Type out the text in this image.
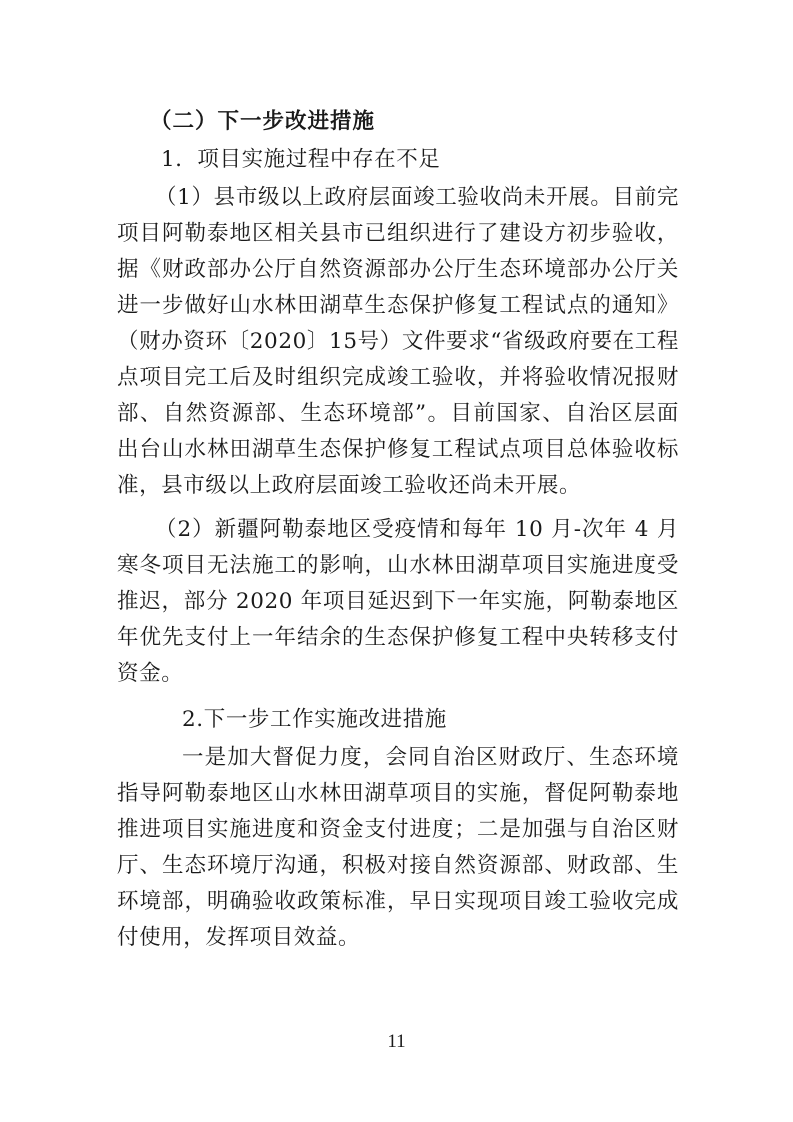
（二）下一步改进措施
1．项目实施过程中存在不足
（1）县市级以上政府层面竣工验收尚未开展。目前完
项目阿勒泰地区相关县市已组织进行了建设方初步验收，
据《财政部办公厅自然资源部办公厅生态环境部办公厅关
进一步做好山水林田湖草生态保护修复工程试点的通知》
（财办资环〔2020〕15号）文件要求“省级政府要在工程
点项目完工后及时组织完成竣工验收，并将验收情况报财
部、自然资源部、生态环境部”。目前国家、自治区层面
出台山水林田湖草生态保护修复工程试点项目总体验收标
准，县市级以上政府层面竣工验收还尚未开展。
（2）新疆阿勒泰地区受疫情和每年 10 月-次年 4 月
寒冬项目无法施工的影响，山水林田湖草项目实施进度受
推迟，部分 2020 年项目延迟到下一年实施，阿勒泰地区
年优先支付上一年结余的生态保护修复工程中央转移支付
资金。
2.下一步工作实施改进措施
一是加大督促力度，会同自治区财政厅、生态环境
指导阿勒泰地区山水林田湖草项目的实施，督促阿勒泰地
推进项目实施进度和资金支付进度；二是加强与自治区财
厅、生态环境厅沟通，积极对接自然资源部、财政部、生
环境部，明确验收政策标准，早日实现项目竣工验收完成
付使用，发挥项目效益。
11
